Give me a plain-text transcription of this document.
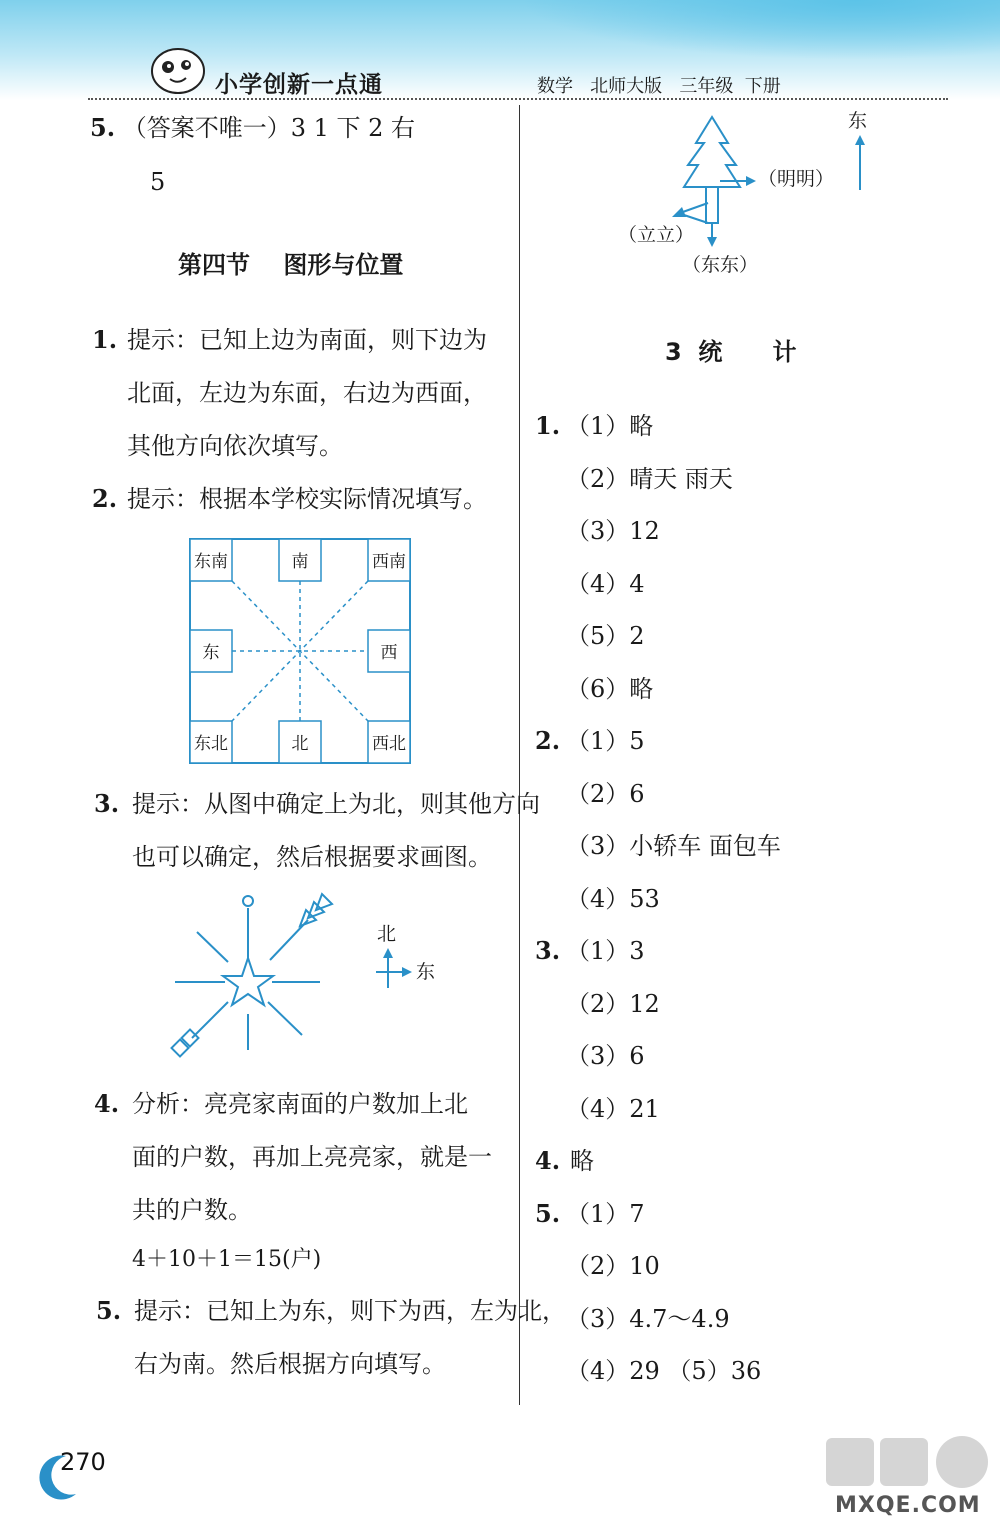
小学创新一点通	数学   北师大版   三年级  下册
5. （答案不唯一）3 1 下 2 右
5
第四节    图形与位置
1. 提示：已知上边为南面，则下边为
北面，左边为东面，右边为西面，
其他方向依次填写。
2. 提示：根据本学校实际情况填写。
东南	南	西南
东	西
东北	北	西北
3. 提示：从图中确定上为北，则其他方向
也可以确定，然后根据要求画图。
北
东
4. 分析：亮亮家南面的户数加上北
面的户数，再加上亮亮家，就是一
共的户数。
4＋10＋1＝15(户)
5. 提示：已知上为东，则下为西，左为北，
右为南。然后根据方向填写。
东
（明明）
（立立）
（东东）
3  统      计
1. （1）略
（2）晴天 雨天
（3）12
（4）4
（5）2
（6）略
2. （1）5
（2）6
（3）小轿车 面包车
（4）53
3. （1）3
（2）12
（3）6
（4）21
4. 略
5. （1）7
（2）10
（3）4.7～4.9
（4）29 （5）36
270
MXQE.COM
